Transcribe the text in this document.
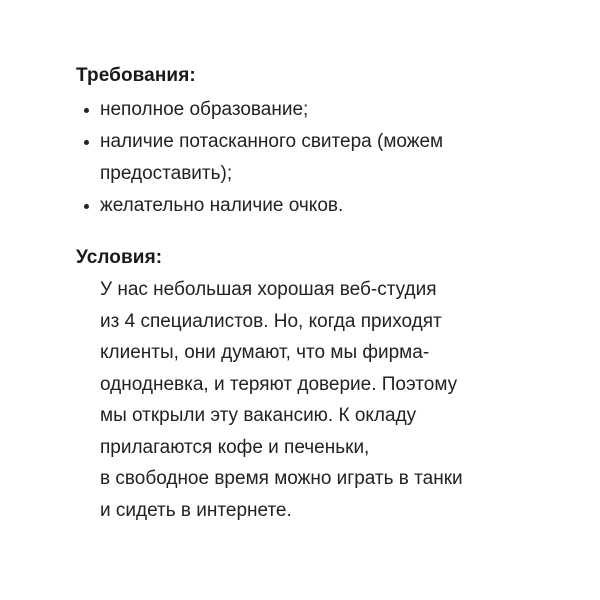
Требования:
неполное образование;
наличие потасканного свитера (можем предоставить);
желательно наличие очков.
Условия:
У нас небольшая хорошая веб-студия
из 4 специалистов. Но, когда приходят
клиенты, они думают, что мы фирма-
однодневка, и теряют доверие. Поэтому
мы открыли эту вакансию. К окладу
прилагаются кофе и печеньки,
в свободное время можно играть в танки
и сидеть в интернете.
